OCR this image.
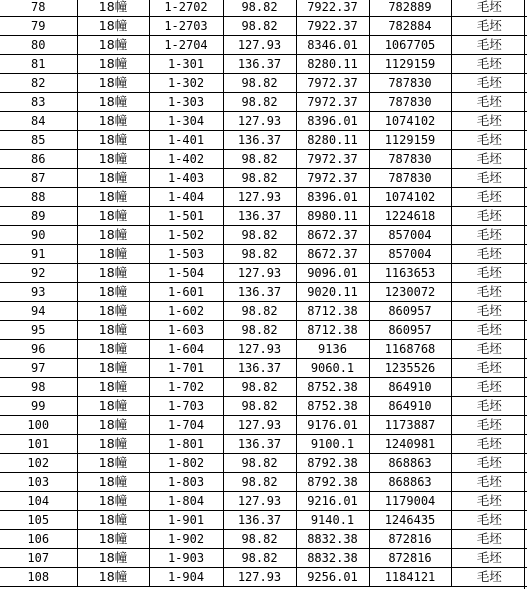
78	18幢	1-2702	98.82	7922.37	782889	毛坯
79	18幢	1-2703	98.82	7922.37	782884	毛坯
80	18幢	1-2704	127.93	8346.01	1067705	毛坯
81	18幢	1-301	136.37	8280.11	1129159	毛坯
82	18幢	1-302	98.82	7972.37	787830	毛坯
83	18幢	1-303	98.82	7972.37	787830	毛坯
84	18幢	1-304	127.93	8396.01	1074102	毛坯
85	18幢	1-401	136.37	8280.11	1129159	毛坯
86	18幢	1-402	98.82	7972.37	787830	毛坯
87	18幢	1-403	98.82	7972.37	787830	毛坯
88	18幢	1-404	127.93	8396.01	1074102	毛坯
89	18幢	1-501	136.37	8980.11	1224618	毛坯
90	18幢	1-502	98.82	8672.37	857004	毛坯
91	18幢	1-503	98.82	8672.37	857004	毛坯
92	18幢	1-504	127.93	9096.01	1163653	毛坯
93	18幢	1-601	136.37	9020.11	1230072	毛坯
94	18幢	1-602	98.82	8712.38	860957	毛坯
95	18幢	1-603	98.82	8712.38	860957	毛坯
96	18幢	1-604	127.93	9136	1168768	毛坯
97	18幢	1-701	136.37	9060.1	1235526	毛坯
98	18幢	1-702	98.82	8752.38	864910	毛坯
99	18幢	1-703	98.82	8752.38	864910	毛坯
100	18幢	1-704	127.93	9176.01	1173887	毛坯
101	18幢	1-801	136.37	9100.1	1240981	毛坯
102	18幢	1-802	98.82	8792.38	868863	毛坯
103	18幢	1-803	98.82	8792.38	868863	毛坯
104	18幢	1-804	127.93	9216.01	1179004	毛坯
105	18幢	1-901	136.37	9140.1	1246435	毛坯
106	18幢	1-902	98.82	8832.38	872816	毛坯
107	18幢	1-903	98.82	8832.38	872816	毛坯
108	18幢	1-904	127.93	9256.01	1184121	毛坯
